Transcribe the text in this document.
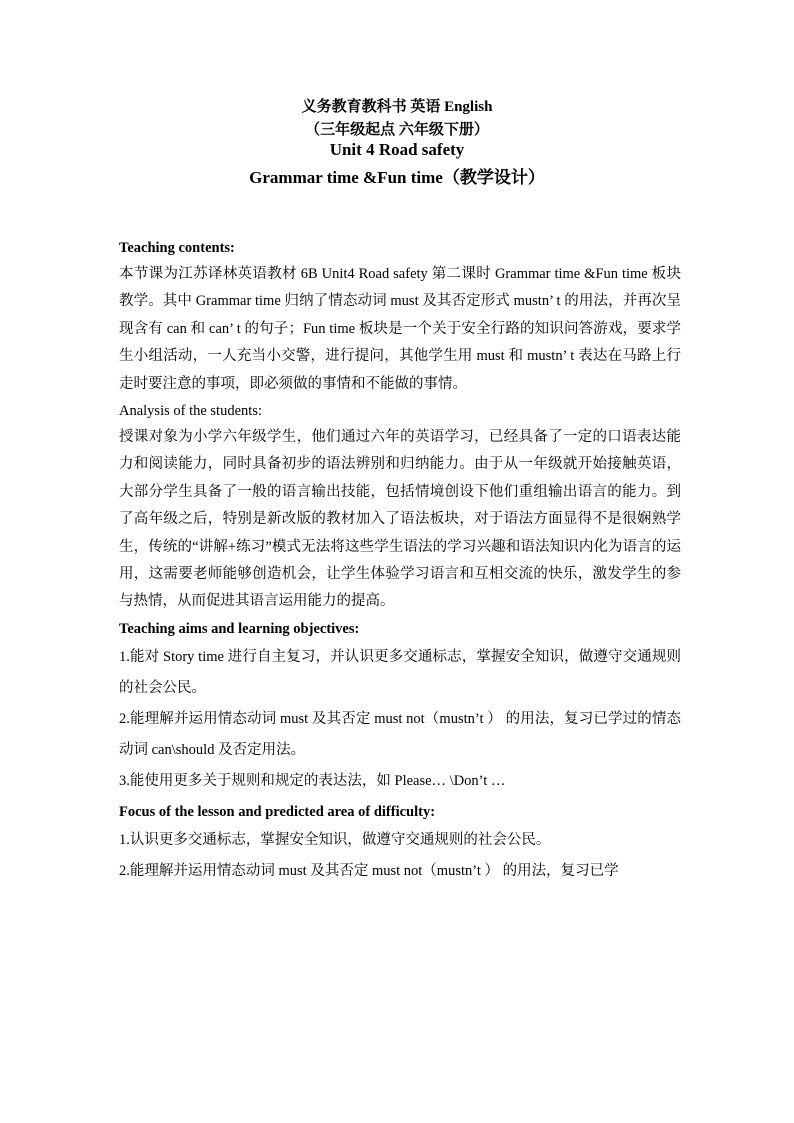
义务教育教科书 英语 English
（三年级起点 六年级下册）
Unit 4 Road safety
Grammar time &Fun time（教学设计）

Teaching contents:

本节课为江苏译林英语教材 6B Unit4 Road safety 第二课时 Grammar time &Fun time 板块教学。其中 Grammar time 归纳了情态动词 must 及其否定形式 mustn’ t 的用法，并再次呈现含有 can 和 can’ t 的句子；Fun time 板块是一个关于安全行路的知识问答游戏，要求学生小组活动，一人充当小交警，进行提问，其他学生用 must 和 mustn’ t 表达在马路上行走时要注意的事项，即必须做的事情和不能做的事情。

Analysis of the students:

授课对象为小学六年级学生，他们通过六年的英语学习，已经具备了一定的口语表达能力和阅读能力，同时具备初步的语法辨别和归纳能力。由于从一年级就开始接触英语，大部分学生具备了一般的语言输出技能，包括情境创设下他们重组输出语言的能力。到了高年级之后，特别是新改版的教材加入了语法板块，对于语法方面显得不是很娴熟学生，传统的“讲解+练习”模式无法将这些学生语法的学习兴趣和语法知识内化为语言的运用，这需要老师能够创造机会，让学生体验学习语言和互相交流的快乐，激发学生的参与热情，从而促进其语言运用能力的提高。

Teaching aims and learning objectives:

1.能对 Story time 进行自主复习，并认识更多交通标志，掌握安全知识，做遵守交通规则的社会公民。

2.能理解并运用情态动词 must 及其否定 must not（mustn’t ） 的用法，复习已学过的情态动词 can\should 及否定用法。

3.能使用更多关于规则和规定的表达法，如 Please… \Don’t …

Focus of the lesson and predicted area of difficulty:

1.认识更多交通标志，掌握安全知识，做遵守交通规则的社会公民。

2.能理解并运用情态动词 must 及其否定 must not（mustn’t ） 的用法，复习已学
